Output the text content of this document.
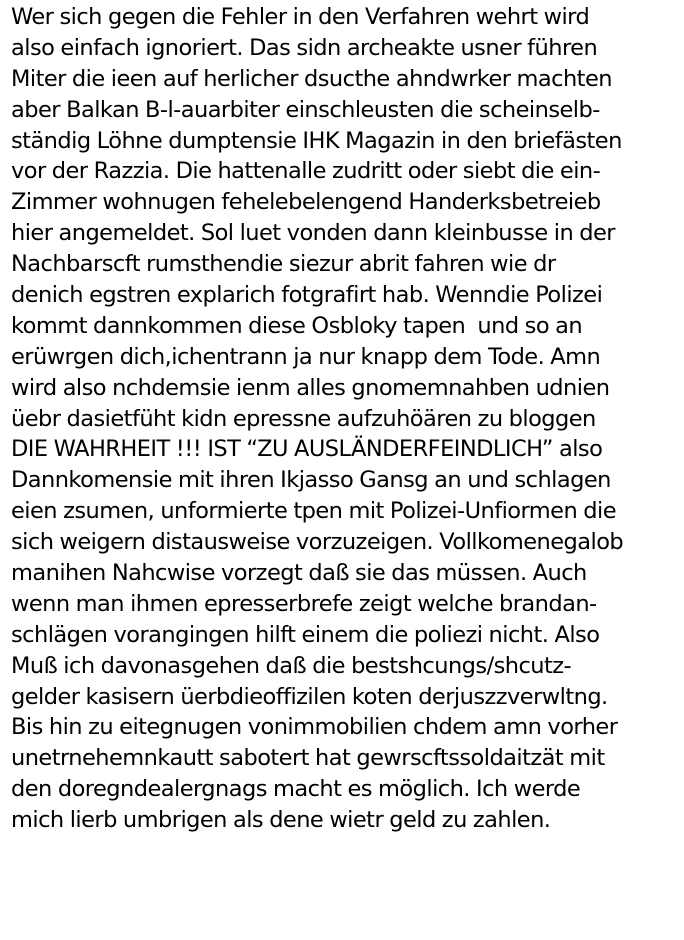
Wer sich gegen die Fehler in den Verfahren wehrt wird
also einfach ignoriert. Das sidn archeakte usner führen
Miter die ieen auf herlicher dsucthe ahndwrker machten
aber Balkan B-l-auarbiter einschleusten die scheinselb-
ständig Löhne dumptensie IHK Magazin in den briefästen
vor der Razzia. Die hattenalle zudritt oder siebt die ein-
Zimmer wohnugen fehelebelengend Handerksbetreieb
hier angemeldet. Sol luet vonden dann kleinbusse in der
Nachbarscft rumsthendie siezur abrit fahren wie dr
denich egstren explarich fotgrafirt hab. Wenndie Polizei
kommt dannkommen diese Osbloky tapen  und so an
erüwrgen dich,ichentrann ja nur knapp dem Tode. Amn
wird also nchdemsie ienm alles gnomemnahben udnien
üebr dasietfüht kidn epressne aufzuhöären zu bloggen
DIE WAHRHEIT !!! IST “ZU AUSLÄNDERFEINDLICH” also
Dannkomensie mit ihren Ikjasso Gansg an und schlagen
eien zsumen, unformierte tpen mit Polizei-Unfiormen die
sich weigern distausweise vorzuzeigen. Vollkomenegalob
manihen Nahcwise vorzegt daß sie das müssen. Auch
wenn man ihmen epresserbrefe zeigt welche brandan-
schlägen vorangingen hilft einem die poliezi nicht. Also
Muß ich davonasgehen daß die bestshcungs/shcutz-
gelder kasisern üerbdieoffizilen koten derjuszzverwltng.
Bis hin zu eitegnugen vonimmobilien chdem amn vorher
unetrnehemnkautt sabotert hat gewrscftssoldaitzät mit
den doregndealergnags macht es möglich. Ich werde
mich lierb umbrigen als dene wietr geld zu zahlen.
